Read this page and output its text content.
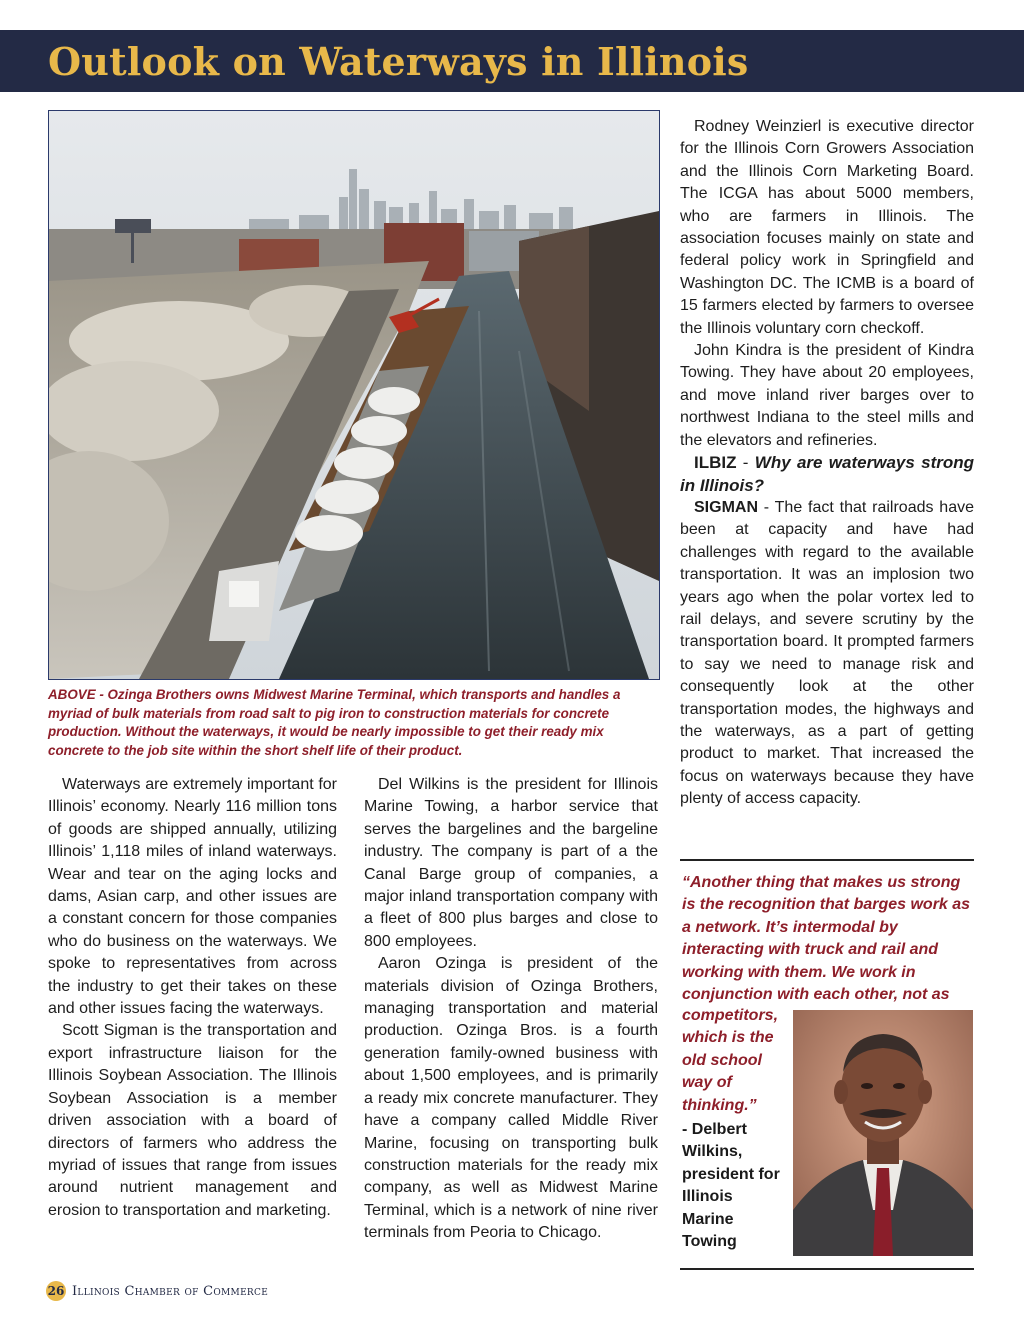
Outlook on Waterways in Illinois
ABOVE - Ozinga Brothers owns Midwest Marine Terminal, which transports and handles a myriad of bulk materials from road salt to pig iron to construction materials for concrete production. Without the waterways, it would be nearly impossible to get their ready mix concrete to the job site within the short shelf life of their product.

Waterways are extremely important for Illinois’ economy. Nearly 116 million tons of goods are shipped annually, utilizing Illinois’ 1,118 miles of inland waterways. Wear and tear on the aging locks and dams, Asian carp, and other issues are a constant concern for those companies who do business on the waterways. We spoke to representatives from across the industry to get their takes on these and other issues facing the waterways.

Scott Sigman is the transportation and export infrastructure liaison for the Illinois Soybean Association. The Illinois Soybean Association is a member driven association with a board of directors of farmers who address the myriad of issues that range from issues around nutrient management and erosion to transportation and marketing.

Del Wilkins is the president for Illinois Marine Towing, a harbor service that serves the bargelines and the bargeline industry. The company is part of a the Canal Barge group of companies, a major inland transportation company with a fleet of 800 plus barges and close to 800 employees.

Aaron Ozinga is president of the materials division of Ozinga Brothers, managing transportation and material production. Ozinga Bros. is a fourth generation family-owned business with about 1,500 employees, and is primarily a ready mix concrete manufacturer. They have a company called Middle River Marine, focusing on transporting bulk construction materials for the ready mix company, as well as Midwest Marine Terminal, which is a network of nine river terminals from Peoria to Chicago.

Rodney Weinzierl is executive director for the Illinois Corn Growers Association and the Illinois Corn Marketing Board. The ICGA has about 5000 members, who are farmers in Illinois. The association focuses mainly on state and federal policy work in Springfield and Washington DC. The ICMB is a board of 15 farmers elected by farmers to oversee the Illinois voluntary corn checkoff.

John Kindra is the president of Kindra Towing. They have about 20 employees, and move inland river barges over to northwest Indiana to the steel mills and the elevators and refineries.

ILBIZ - Why are waterways strong in Illinois?

SIGMAN - The fact that railroads have been at capacity and have had challenges with regard to the available transportation. It was an implosion two years ago when the polar vortex led to rail delays, and severe scrutiny by the transportation board. It prompted farmers to say we need to manage risk and consequently look at the other transportation modes, the highways and the waterways, as a part of getting product to market. That increased the focus on waterways because they have plenty of access capacity.

“Another thing that makes us strong is the recognition that barges work as a network. It’s intermodal by interacting with truck and rail and working with them. We work in conjunction with each other, not as
competitors, which is the old school way of thinking.”
- Delbert Wilkins, president for Illinois Marine Towing
26 Illinois Chamber of Commerce
